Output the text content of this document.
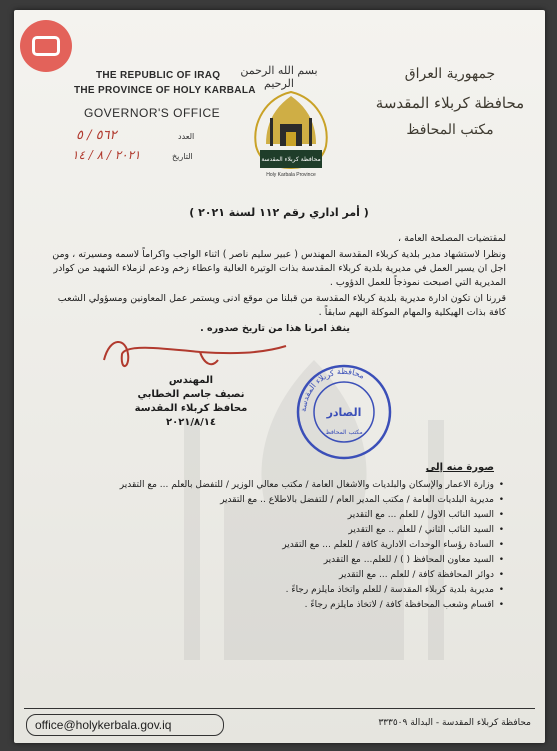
بسم الله الرحمن الرحيم
THE REPUBLIC OF IRAQ
THE PROVINCE OF HOLY KARBALA
GOVERNOR'S OFFICE
٥٦٢ / ٥	العدد
٢٠٢١ / ٨ / ١٤	التاريخ	محافظة كربلاء المقدسة
Holy Karbala Province
جمهورية العراق
محافظة كربلاء المقدسة
مكتب المحافظ
( أمر اداري رقم ١١٢ لسنة ٢٠٢١ )

لمقتضيات المصلحة العامة ،

ونظرا لاستشهاد مدير بلدية كربلاء المقدسة المهندس ( عبير سليم ناصر ) اثناء الواجب واكراماً لاسمه ومسيرته ، ومن اجل ان يسير العمل في مديرية بلدية كربلاء المقدسة بذات الوتيرة العالية واعطاء زخم ودعم لزملاء الشهيد من كوادر المديرية التي اصبحت نموذجاً للعمل الدؤوب .

قررنا ان تكون ادارة مديرية بلدية كربلاء المقدسة من قبلنا من موقع ادنى ويستمر عمل المعاونين ومسؤولي الشعب كافة بذات الهيكلية والمهام الموكلة اليهم سابقاً .

ينفذ امرنا هذا من تاريخ صدوره .

المهندس
نصيف جاسم الخطابي
محافظ كربلاء المقدسة
٢٠٢١/٨/١٤
محافظة كربلاء المقدسة
الصادر
مكتب المحافظ
صورة منه إلى
• وزارة الاعمار والإسكان والبلديات والاشغال العامة / مكتب معالي الوزير / للتفضل بالعلم ... مع التقدير
• مديرية البلديات العامة / مكتب المدير العام / للتفضل بالاطلاع .. مع التقدير
• السيد النائب الاول / للعلم ... مع التقدير
• السيد النائب الثاني / للعلم .. مع التقدير
• السادة رؤساء الوحدات الادارية كافة / للعلم ... مع التقدير
• السيد معاون المحافظ ( ) / للعلم... مع التقدير
• دوائر المحافظة كافة / للعلم ... مع التقدير
• مديرية بلدية كربلاء المقدسة / للعلم واتخاذ مايلزم رجاءً .
• اقسام وشعب المحافظة كافة / لاتخاذ مايلزم رجاءً .
office@holykerbala.gov.iq	محافظة كربلاء المقدسة - البدالة ٣٣٣٥٠٩
